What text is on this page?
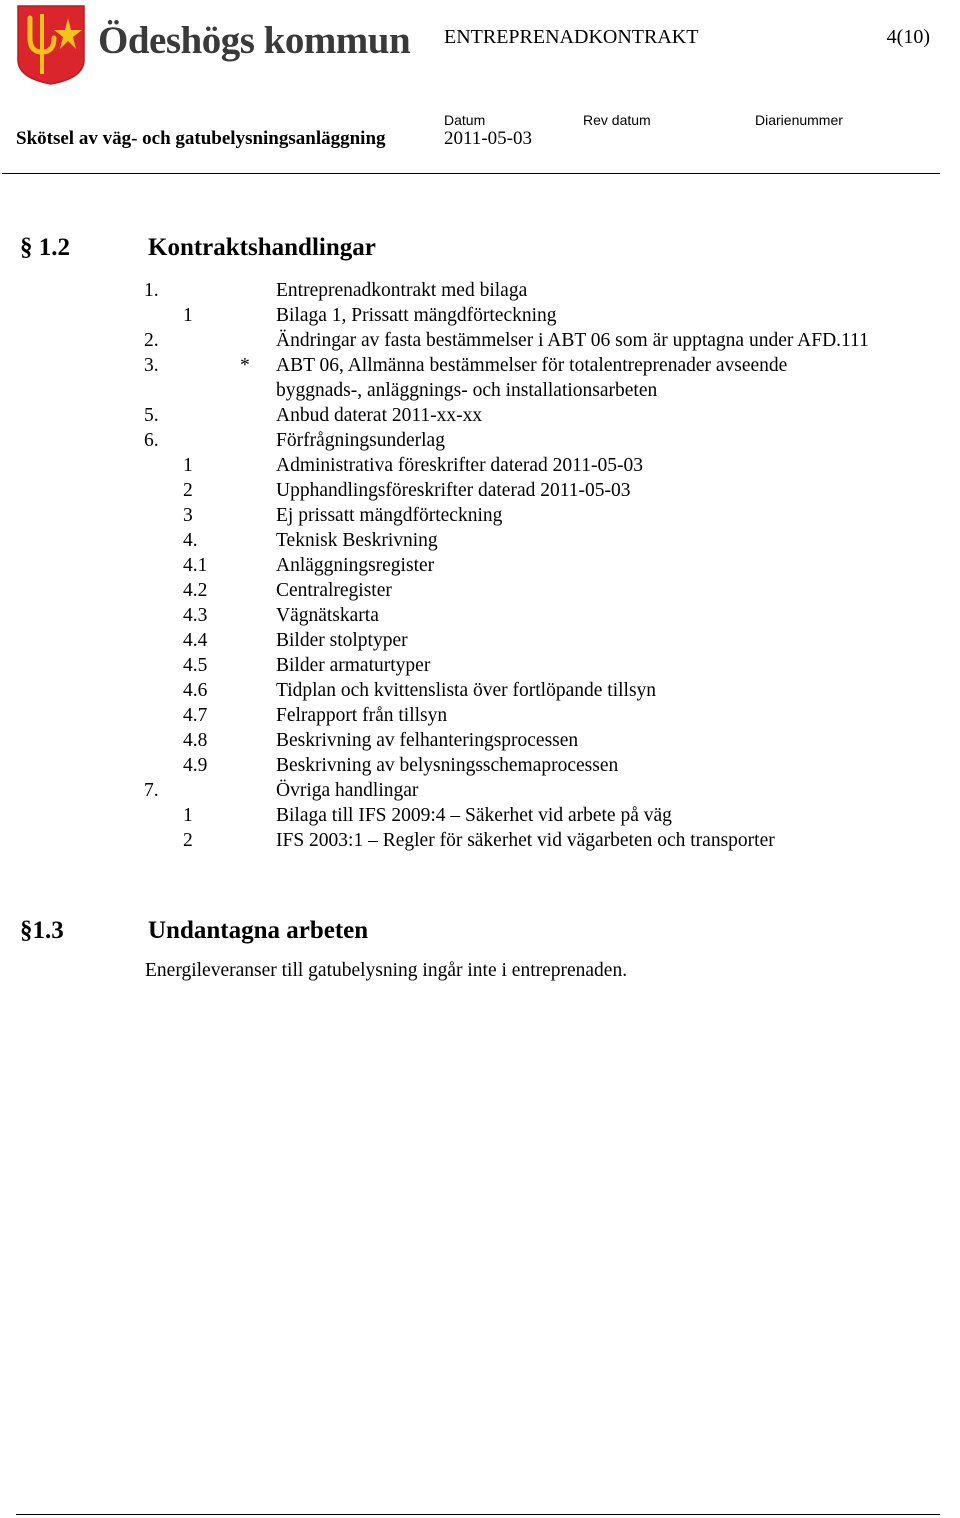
Ödeshögs kommun ENTREPRENADKONTRAKT	4(10)
Skötsel av väg- och gatubelysningsanläggning
Datum
2011-05-03
Rev datum	Diarienummer
§ 1.2	Kontraktshandlingar
1.	Entreprenadkontrakt med bilaga
1	Bilaga 1, Prissatt mängdförteckning
2.	Ändringar av fasta bestämmelser i ABT 06 som är upptagna under AFD.111
3.	* ABT 06, Allmänna bestämmelser för totalentreprenader avseende byggnads-, anläggnings- och installationsarbeten
5.	Anbud daterat 2011-xx-xx
6.	Förfrågningsunderlag
1	Administrativa föreskrifter daterad 2011-05-03
2	Upphandlingsföreskrifter daterad 2011-05-03
3	Ej prissatt mängdförteckning
4.	Teknisk Beskrivning
4.1	Anläggningsregister
4.2	Centralregister
4.3	Vägnätskarta
4.4	Bilder stolptyper
4.5	Bilder armaturtyper
4.6	Tidplan och kvittenslista över fortlöpande tillsyn
4.7	Felrapport från tillsyn
4.8	Beskrivning av felhanteringsprocessen
4.9	Beskrivning av belysningsschemaprocessen
7.	Övriga handlingar
1	Bilaga till IFS 2009:4 – Säkerhet vid arbete på väg
2	IFS 2003:1 – Regler för säkerhet vid vägarbeten och transporter
§1.3	Undantagna arbeten
Energileveranser till gatubelysning ingår inte i entreprenaden.
